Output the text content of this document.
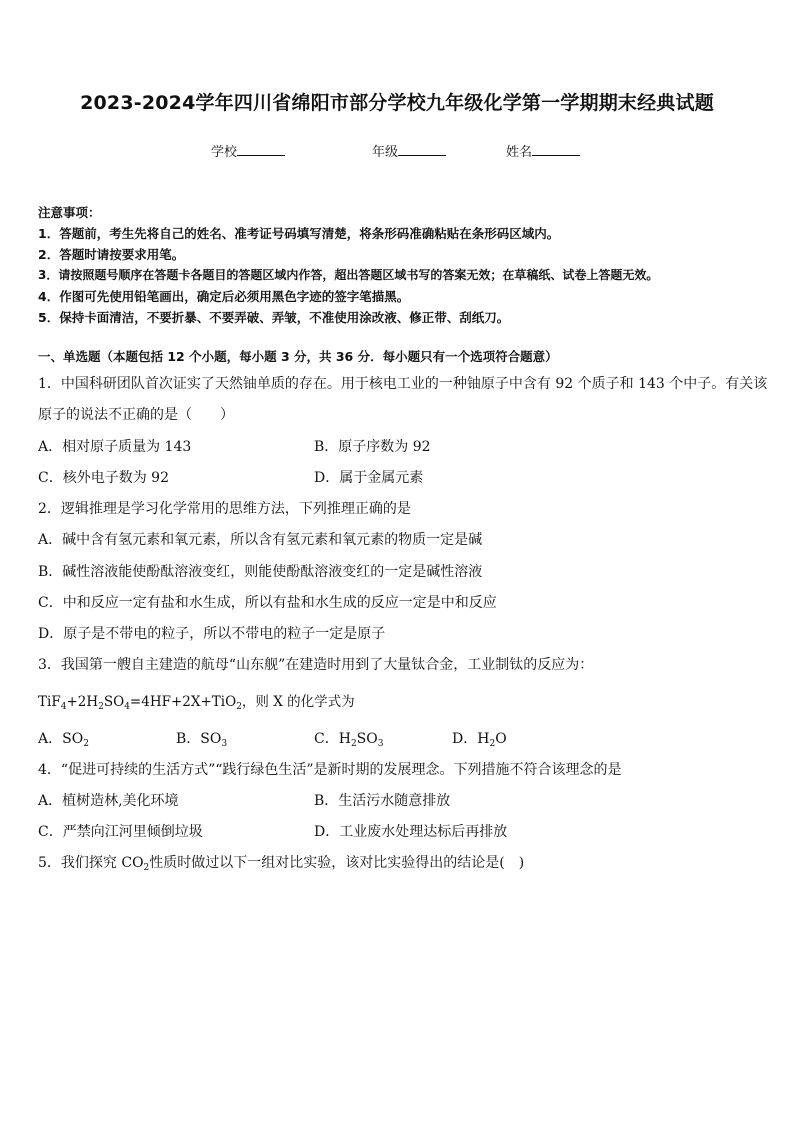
2023-2024学年四川省绵阳市部分学校九年级化学第一学期期末经典试题
学校	年级	姓名
注意事项：
1．答题前，考生先将自己的姓名、准考证号码填写清楚，将条形码准确粘贴在条形码区域内。
2．答题时请按要求用笔。
3．请按照题号顺序在答题卡各题目的答题区域内作答，超出答题区域书写的答案无效；在草稿纸、试卷上答题无效。
4．作图可先使用铅笔画出，确定后必须用黑色字迹的签字笔描黑。
5．保持卡面清洁，不要折暴、不要弄破、弄皱，不准使用涂改液、修正带、刮纸刀。
一、单选题（本题包括 12 个小题，每小题 3 分，共 36 分．每小题只有一个选项符合题意）
1．中国科研团队首次证实了天然铀单质的存在。用于核电工业的一种铀原子中含有 92 个质子和 143 个中子。有关该
原子的说法不正确的是（　　）
A．相对原子质量为 143	B．原子序数为 92
C．核外电子数为 92	D．属于金属元素
2．逻辑推理是学习化学常用的思维方法，下列推理正确的是
A．碱中含有氢元素和氧元素，所以含有氢元素和氧元素的物质一定是碱
B．碱性溶液能使酚酞溶液变红，则能使酚酞溶液变红的一定是碱性溶液
C．中和反应一定有盐和水生成，所以有盐和水生成的反应一定是中和反应
D．原子是不带电的粒子，所以不带电的粒子一定是原子
3．我国第一艘自主建造的航母“山东舰”在建造时用到了大量钛合金，工业制钛的反应为：
$TiF_4+2H_2SO_4=4HF+2X+TiO_2$，则 X 的化学式为
A．$SO_2$	B．$SO_3$	C．$H_2SO_3$	D．$H_2O$
4．“促进可持续的生活方式”“践行绿色生活”是新时期的发展理念。下列措施不符合该理念的是
A．植树造林,美化环境	B．生活污水随意排放
C．严禁向江河里倾倒垃圾	D．工业废水处理达标后再排放
5．我们探究 $CO_2$性质时做过以下一组对比实验，该对比实验得出的结论是(　)
